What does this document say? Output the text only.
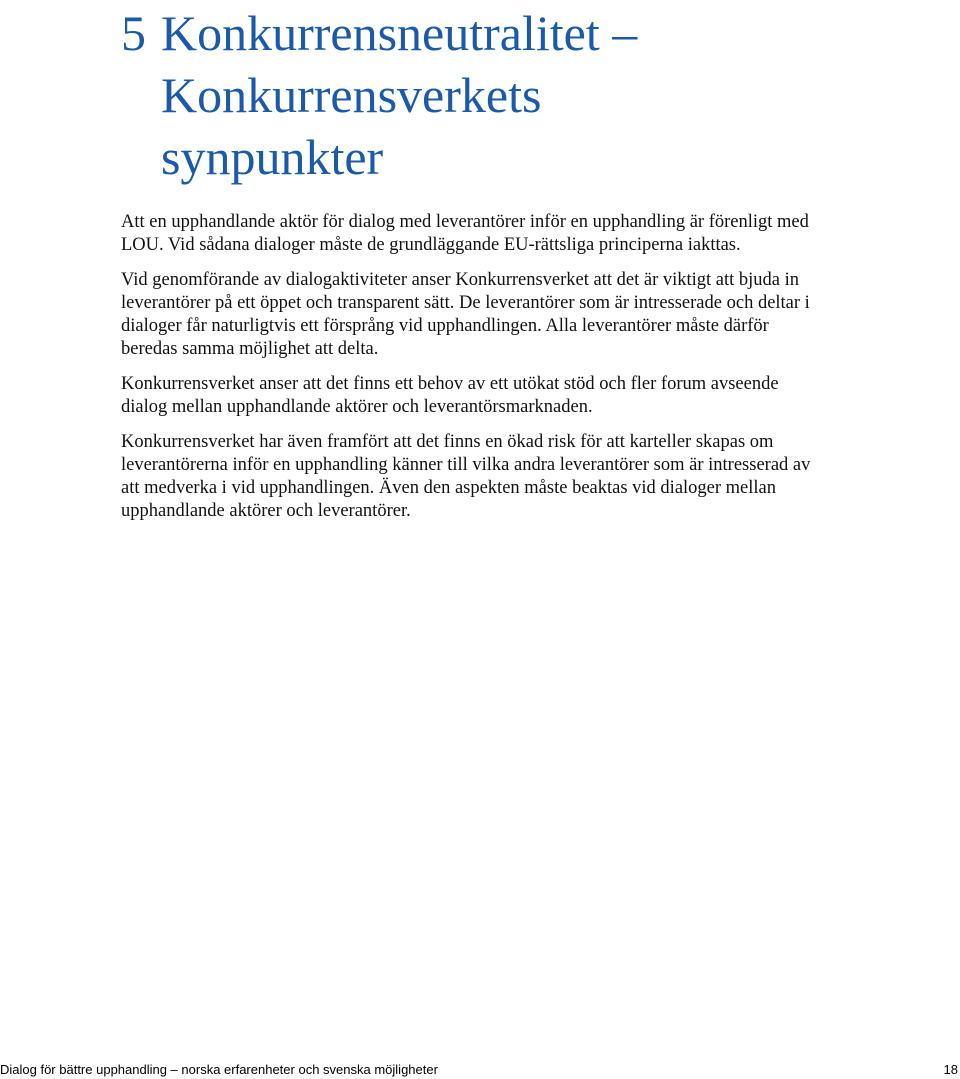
5 Konkurrensneutralitet –
Konkurrensverkets
synpunkter

Att en upphandlande aktör för dialog med leverantörer inför en upphandling är förenligt med LOU. Vid sådana dialoger måste de grundläggande EU-rättsliga principerna iakttas.

Vid genomförande av dialogaktiviteter anser Konkurrensverket att det är viktigt att bjuda in leverantörer på ett öppet och transparent sätt. De leverantörer som är intresserade och deltar i dialoger får naturligtvis ett försprång vid upphandlingen. Alla leverantörer måste därför beredas samma möjlighet att delta.

Konkurrensverket anser att det finns ett behov av ett utökat stöd och fler forum avseende dialog mellan upphandlande aktörer och leverantörsmarknaden.

Konkurrensverket har även framfört att det finns en ökad risk för att karteller skapas om leverantörerna inför en upphandling känner till vilka andra leverantörer som är intresserad av att medverka i vid upphandlingen. Även den aspekten måste beaktas vid dialoger mellan upphandlande aktörer och leverantörer.

Dialog för bättre upphandling – norska erfarenheter och svenska möjligheter	18
